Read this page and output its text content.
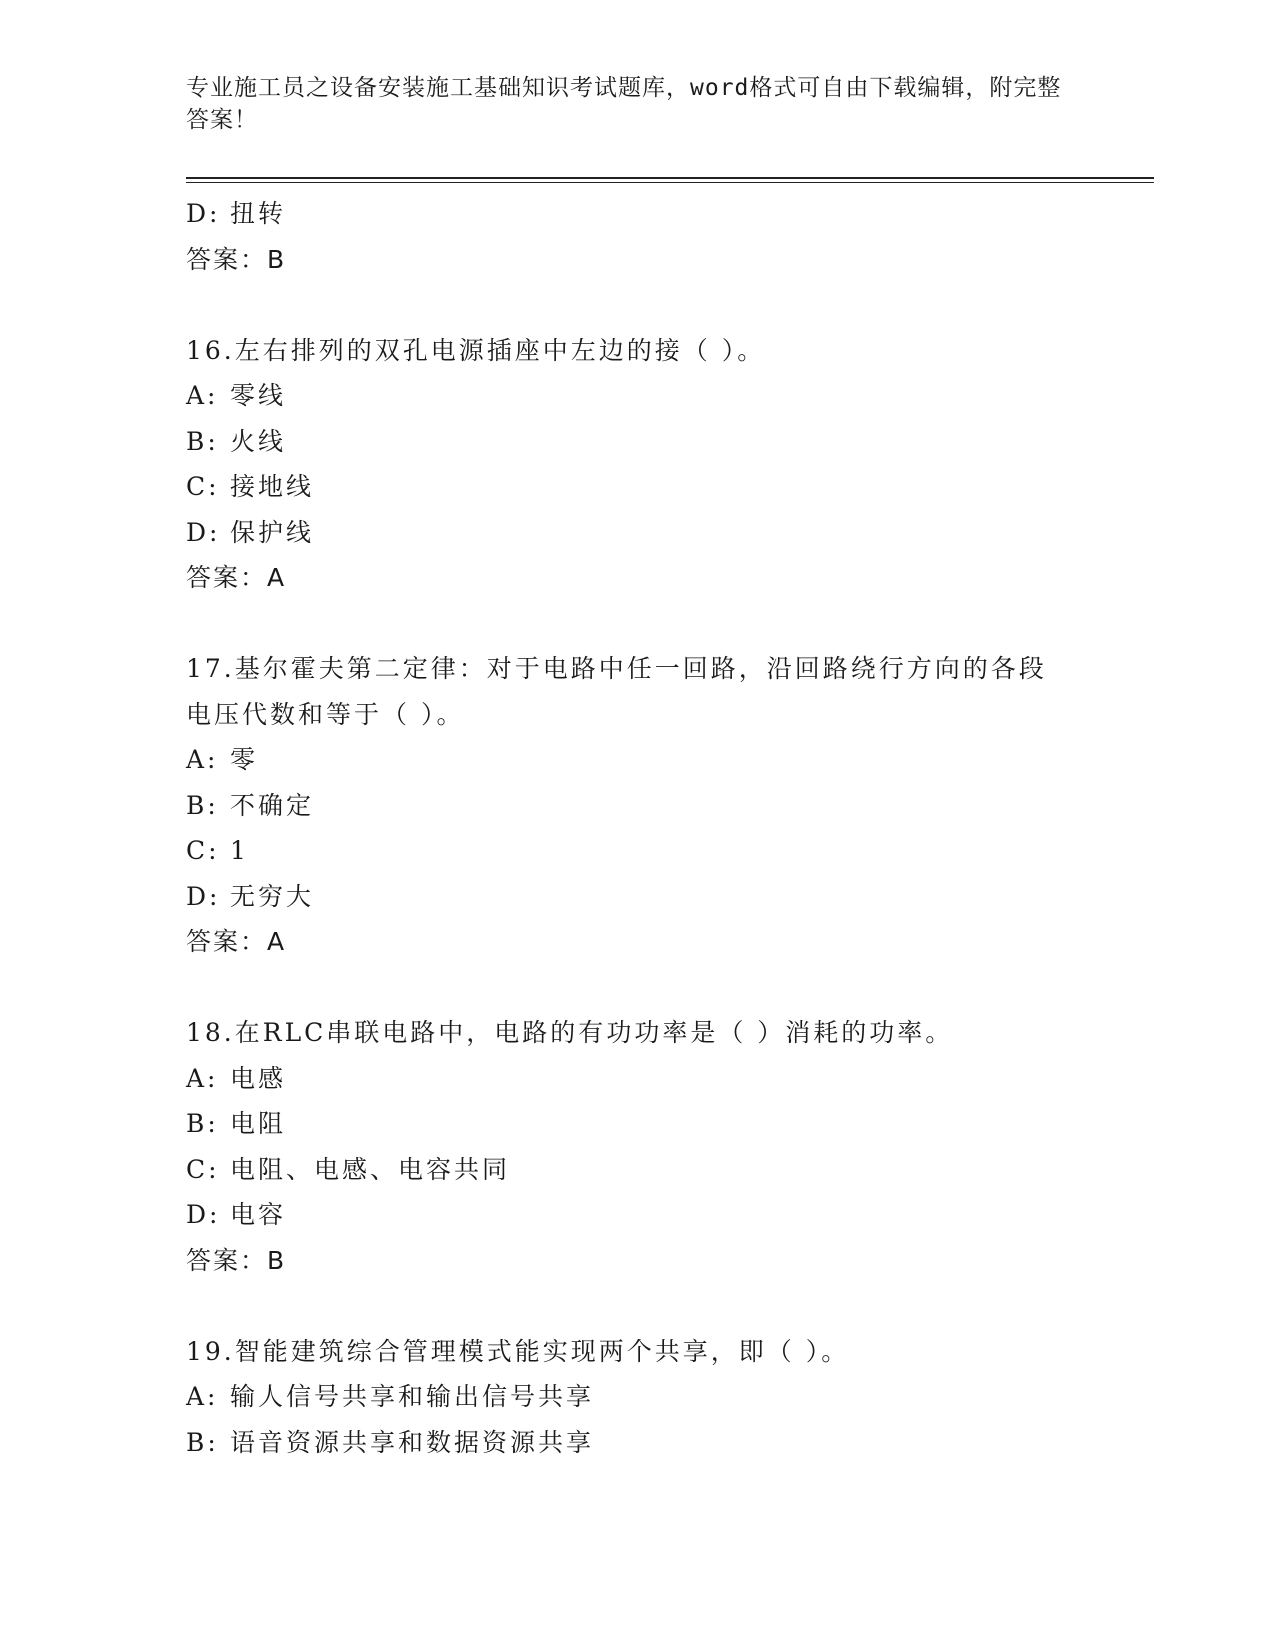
专业施工员之设备安装施工基础知识考试题库，word格式可自由下载编辑，附完整答案！
D: 扭转
答案：B
16.左右排列的双孔电源插座中左边的接（ ）。
A: 零线
B: 火线
C: 接地线
D: 保护线
答案：A
17.基尔霍夫第二定律：对于电路中任一回路，沿回路绕行方向的各段
电压代数和等于（ ）。
A: 零
B: 不确定
C: 1
D: 无穷大
答案：A
18.在RLC串联电路中，电路的有功功率是（ ）消耗的功率。
A: 电感
B: 电阻
C: 电阻、电感、电容共同
D: 电容
答案：B
19.智能建筑综合管理模式能实现两个共享，即（ ）。
A: 输人信号共享和输出信号共享
B: 语音资源共享和数据资源共享
